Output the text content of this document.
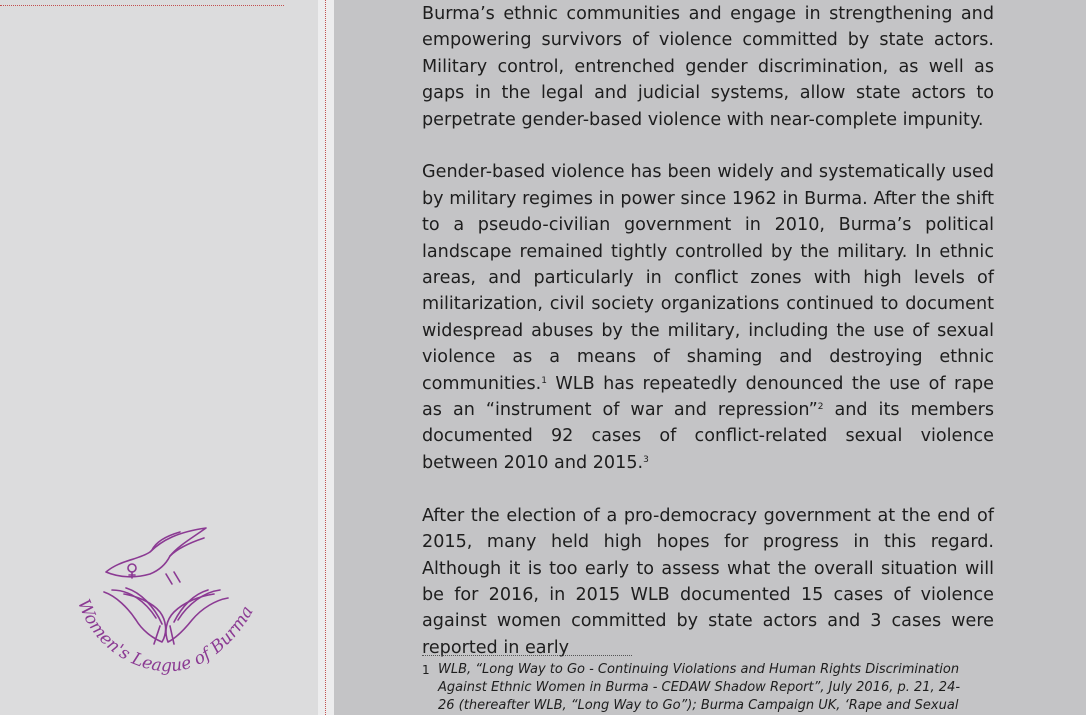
Women's League of Burma

Burma’s ethnic communities and engage in strengthening and empowering survivors of violence committed by state actors. Military control, entrenched gender discrimination, as well as gaps in the legal and judicial systems, allow state actors to perpetrate gender-based violence with near-complete impunity.

Gender-based violence has been widely and systematically used by military regimes in power since 1962 in Burma. After the shift to a pseudo-civilian government in 2010, Burma’s political landscape remained tightly controlled by the military. In ethnic areas, and particularly in conflict zones with high levels of militarization, civil society organizations continued to document widespread abuses by the military, including the use of sexual violence as a means of shaming and destroying ethnic communities.$^1$ WLB has repeatedly denounced the use of rape as an “instrument of war and repression”$^2$ and its members documented 92 cases of conflict-related sexual violence between 2010 and 2015.$^3$

After the election of a pro-democracy government at the end of 2015, many held high hopes for progress in this regard. Although it is too early to assess what the overall situation will be for 2016, in 2015 WLB documented 15 cases of violence against women committed by state actors and 3 cases were reported in early

1 WLB, “Long Way to Go - Continuing Violations and Human Rights Discrimination Against Ethnic Women in Burma - CEDAW Shadow Report”, July 2016, p. 21, 24-26 (thereafter WLB, “Long Way to Go”); Burma Campaign UK, ‘Rape and Sexual
